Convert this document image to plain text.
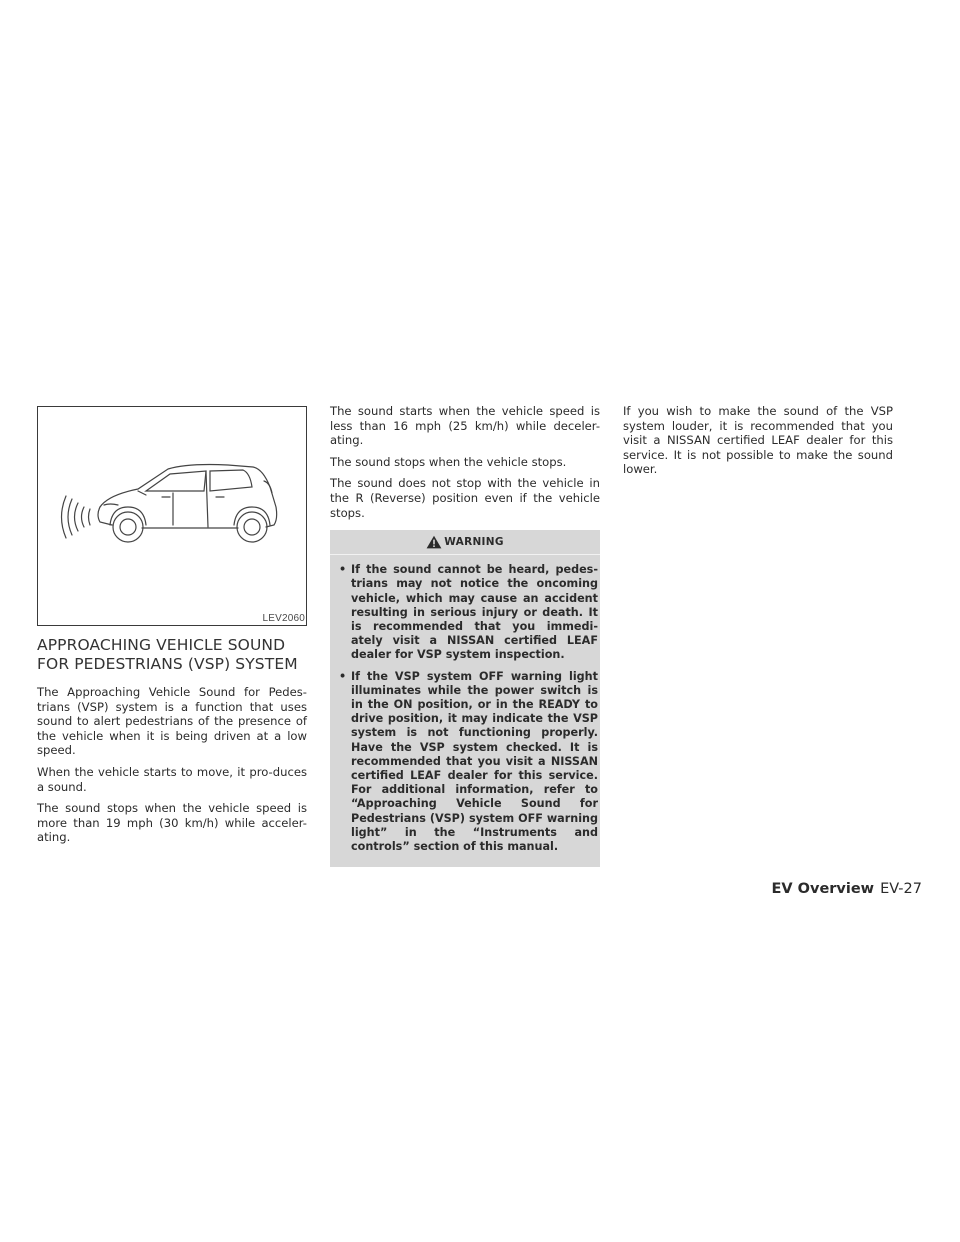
LEV2060
APPROACHING VEHICLE SOUND
FOR PEDESTRIANS (VSP) SYSTEM

The Approaching Vehicle Sound for Pedes-trians (VSP) system is a function that uses sound to alert pedestrians of the presence of the vehicle when it is being driven at a low speed.

When the vehicle starts to move, it pro-duces a sound.

The sound stops when the vehicle speed is more than 19 mph (30 km/h) while acceler-ating.

The sound starts when the vehicle speed is less than 16 mph (25 km/h) while deceler-ating.

The sound stops when the vehicle stops.

The sound does not stop with the vehicle in the R (Reverse) position even if the vehicle stops.

WARNING
• If the sound cannot be heard, pedes-trians may not notice the oncoming vehicle, which may cause an accident resulting in serious injury or death. It is recommended that you immedi-ately visit a NISSAN certified LEAF dealer for VSP system inspection.
• If the VSP system OFF warning light illuminates while the power switch is in the ON position, or in the READY to drive position, it may indicate the VSP system is not functioning properly. Have the VSP system checked. It is recommended that you visit a NISSAN certified LEAF dealer for this service. For additional information, refer to “Approaching Vehicle Sound for Pedestrians (VSP) system OFF warning light” in the “Instruments and controls” section of this manual.

If you wish to make the sound of the VSP system louder, it is recommended that you visit a NISSAN certified LEAF dealer for this service. It is not possible to make the sound lower.

EV Overview EV-27
